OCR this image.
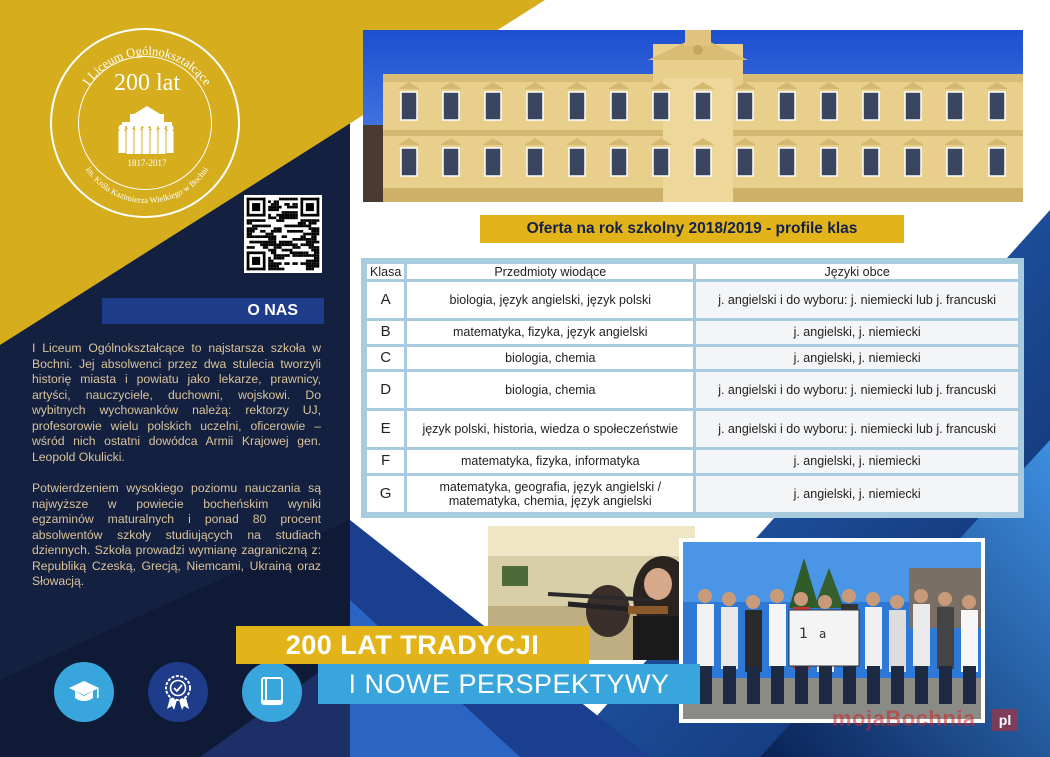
I Liceum Ogólnokształcące
im. Króla Kazimierza Wielkiego w Bochni
200 lat
1817-2017
O NAS

I Liceum Ogólnokształcące to najstarsza szkoła w Bochni. Jej absolwenci przez dwa stulecia tworzyli historię miasta i powiatu jako lekarze, prawnicy, artyści, nauczyciele, duchowni, wojskowi. Do wybitnych wychowanków należą: rektorzy UJ, profesorowie wielu polskich uczelni, oficerowie – wśród nich ostatni dowódca Armii Krajowej gen. Leopold Okulicki.

Potwierdzeniem wysokiego poziomu nauczania są najwyższe w powiecie bocheńskim wyniki egzaminów maturalnych i ponad 80 procent absolwentów szkoły studiujących na studiach dziennych. Szkoła prowadzi wymianę zagraniczną z: Republiką Czeską, Grecją, Niemcami, Ukrainą oraz Słowacją.

Oferta na rok szkolny 2018/2019 - profile klas
Klasa	Przedmioty wiodące	Języki obce
A	biologia, język angielski, język polski	j. angielski i do wyboru: j. niemiecki lub j. francuski
B	matematyka, fizyka, język angielski	j. angielski, j. niemiecki
C	biologia, chemia	j. angielski, j. niemiecki
D	biologia, chemia	j. angielski i do wyboru: j. niemiecki lub j. francuski
E	język polski, historia, wiedza o społeczeństwie	j. angielski i do wyboru: j. niemiecki lub j. francuski
F	matematyka, fizyka, informatyka	j. angielski, j. niemiecki
G	matematyka, geografia, język angielski / matematyka, chemia, język angielski	j. angielski, j. niemiecki
1 a
200 LAT TRADYCJI
I NOWE PERSPEKTYWY
mojaBochnia	pl
